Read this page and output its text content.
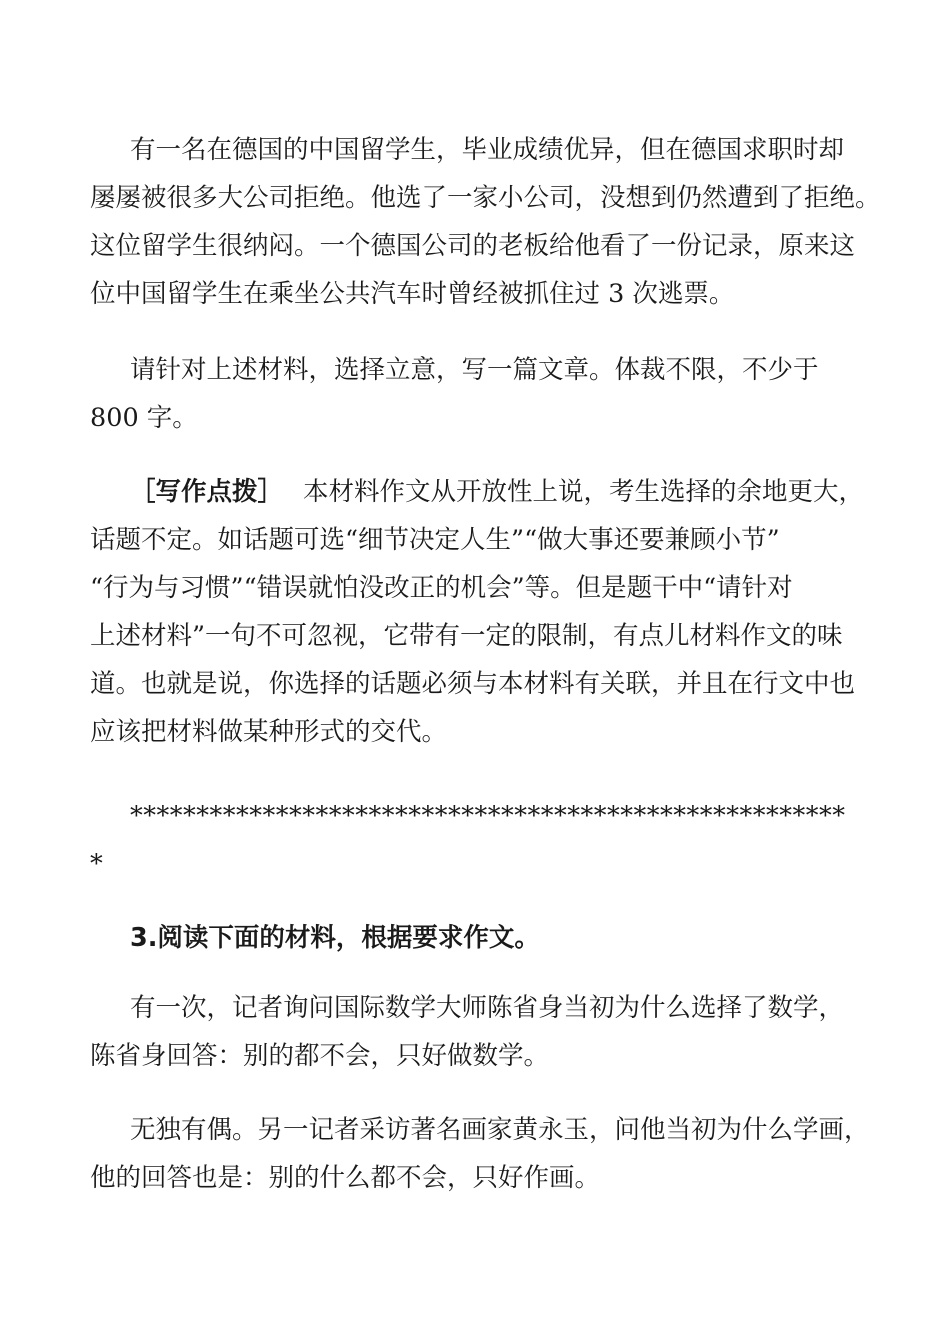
有一名在德国的中国留学生，毕业成绩优异，但在德国求职时却
屡屡被很多大公司拒绝。他选了一家小公司，没想到仍然遭到了拒绝。
这位留学生很纳闷。一个德国公司的老板给他看了一份记录，原来这
位中国留学生在乘坐公共汽车时曾经被抓住过 3 次逃票。
请针对上述材料，选择立意，写一篇文章。体裁不限，不少于
800 字。
［写作点拨］ 本材料作文从开放性上说，考生选择的余地更大，
话题不定。如话题可选“细节决定人生”“做大事还要兼顾小节”
“行为与习惯”“错误就怕没改正的机会”等。但是题干中“请针对
上述材料”一句不可忽视，它带有一定的限制，有点儿材料作文的味
道。也就是说，你选择的话题必须与本材料有关联，并且在行文中也
应该把材料做某种形式的交代。
******************************************************
*
3.阅读下面的材料，根据要求作文。
有一次，记者询问国际数学大师陈省身当初为什么选择了数学，
陈省身回答：别的都不会，只好做数学。
无独有偶。另一记者采访著名画家黄永玉，问他当初为什么学画，
他的回答也是：别的什么都不会，只好作画。
